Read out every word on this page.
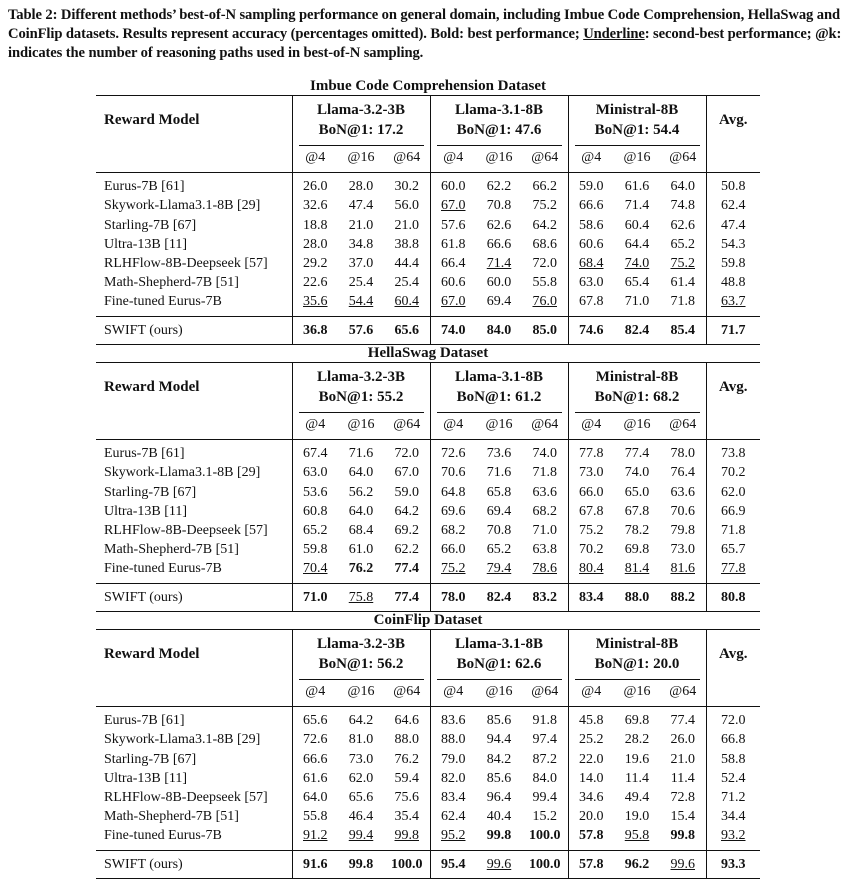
Table 2: Different methods’ best-of-N sampling performance on general domain, including Imbue Code Comprehension, HellaSwag and CoinFlip datasets. Results represent accuracy (percentages omitted). Bold: best performance; Underline: second-best performance; @k: indicates the number of reasoning paths used in best-of-N sampling.
Imbue Code Comprehension Dataset
Reward Model	Llama-3.2-3B			Llama-3.1-8B			Ministral-8B			Avg.
	BoN@1: 17.2			BoN@1: 47.6			BoN@1: 54.4			
	@4	@16	@64	@4	@16	@64	@4	@16	@64	
Eurus-7B [61]	26.0	28.0	30.2	60.0	62.2	66.2	59.0	61.6	64.0	50.8
Skywork-Llama3.1-8B [29]	32.6	47.4	56.0	67.0	70.8	75.2	66.6	71.4	74.8	62.4
Starling-7B [67]	18.8	21.0	21.0	57.6	62.6	64.2	58.6	60.4	62.6	47.4
Ultra-13B [11]	28.0	34.8	38.8	61.8	66.6	68.6	60.6	64.4	65.2	54.3
RLHFlow-8B-Deepseek [57]	29.2	37.0	44.4	66.4	71.4	72.0	68.4	74.0	75.2	59.8
Math-Shepherd-7B [51]	22.6	25.4	25.4	60.6	60.0	55.8	63.0	65.4	61.4	48.8
Fine-tuned Eurus-7B	35.6	54.4	60.4	67.0	69.4	76.0	67.8	71.0	71.8	63.7
SWIFT (ours)	36.8	57.6	65.6	74.0	84.0	85.0	74.6	82.4	85.4	71.7
HellaSwag Dataset
Reward Model	Llama-3.2-3B			Llama-3.1-8B			Ministral-8B			Avg.
	BoN@1: 55.2			BoN@1: 61.2			BoN@1: 68.2			
	@4	@16	@64	@4	@16	@64	@4	@16	@64	
Eurus-7B [61]	67.4	71.6	72.0	72.6	73.6	74.0	77.8	77.4	78.0	73.8
Skywork-Llama3.1-8B [29]	63.0	64.0	67.0	70.6	71.6	71.8	73.0	74.0	76.4	70.2
Starling-7B [67]	53.6	56.2	59.0	64.8	65.8	63.6	66.0	65.0	63.6	62.0
Ultra-13B [11]	60.8	64.0	64.2	69.6	69.4	68.2	67.8	67.8	70.6	66.9
RLHFlow-8B-Deepseek [57]	65.2	68.4	69.2	68.2	70.8	71.0	75.2	78.2	79.8	71.8
Math-Shepherd-7B [51]	59.8	61.0	62.2	66.0	65.2	63.8	70.2	69.8	73.0	65.7
Fine-tuned Eurus-7B	70.4	76.2	77.4	75.2	79.4	78.6	80.4	81.4	81.6	77.8
SWIFT (ours)	71.0	75.8	77.4	78.0	82.4	83.2	83.4	88.0	88.2	80.8
CoinFlip Dataset
Reward Model	Llama-3.2-3B			Llama-3.1-8B			Ministral-8B			Avg.
	BoN@1: 56.2			BoN@1: 62.6			BoN@1: 20.0			
	@4	@16	@64	@4	@16	@64	@4	@16	@64	
Eurus-7B [61]	65.6	64.2	64.6	83.6	85.6	91.8	45.8	69.8	77.4	72.0
Skywork-Llama3.1-8B [29]	72.6	81.0	88.0	88.0	94.4	97.4	25.2	28.2	26.0	66.8
Starling-7B [67]	66.6	73.0	76.2	79.0	84.2	87.2	22.0	19.6	21.0	58.8
Ultra-13B [11]	61.6	62.0	59.4	82.0	85.6	84.0	14.0	11.4	11.4	52.4
RLHFlow-8B-Deepseek [57]	64.0	65.6	75.6	83.4	96.4	99.4	34.6	49.4	72.8	71.2
Math-Shepherd-7B [51]	55.8	46.4	35.4	62.4	40.4	15.2	20.0	19.0	15.4	34.4
Fine-tuned Eurus-7B	91.2	99.4	99.8	95.2	99.8	100.0	57.8	95.8	99.8	93.2
SWIFT (ours)	91.6	99.8	100.0	95.4	99.6	100.0	57.8	96.2	99.6	93.3
